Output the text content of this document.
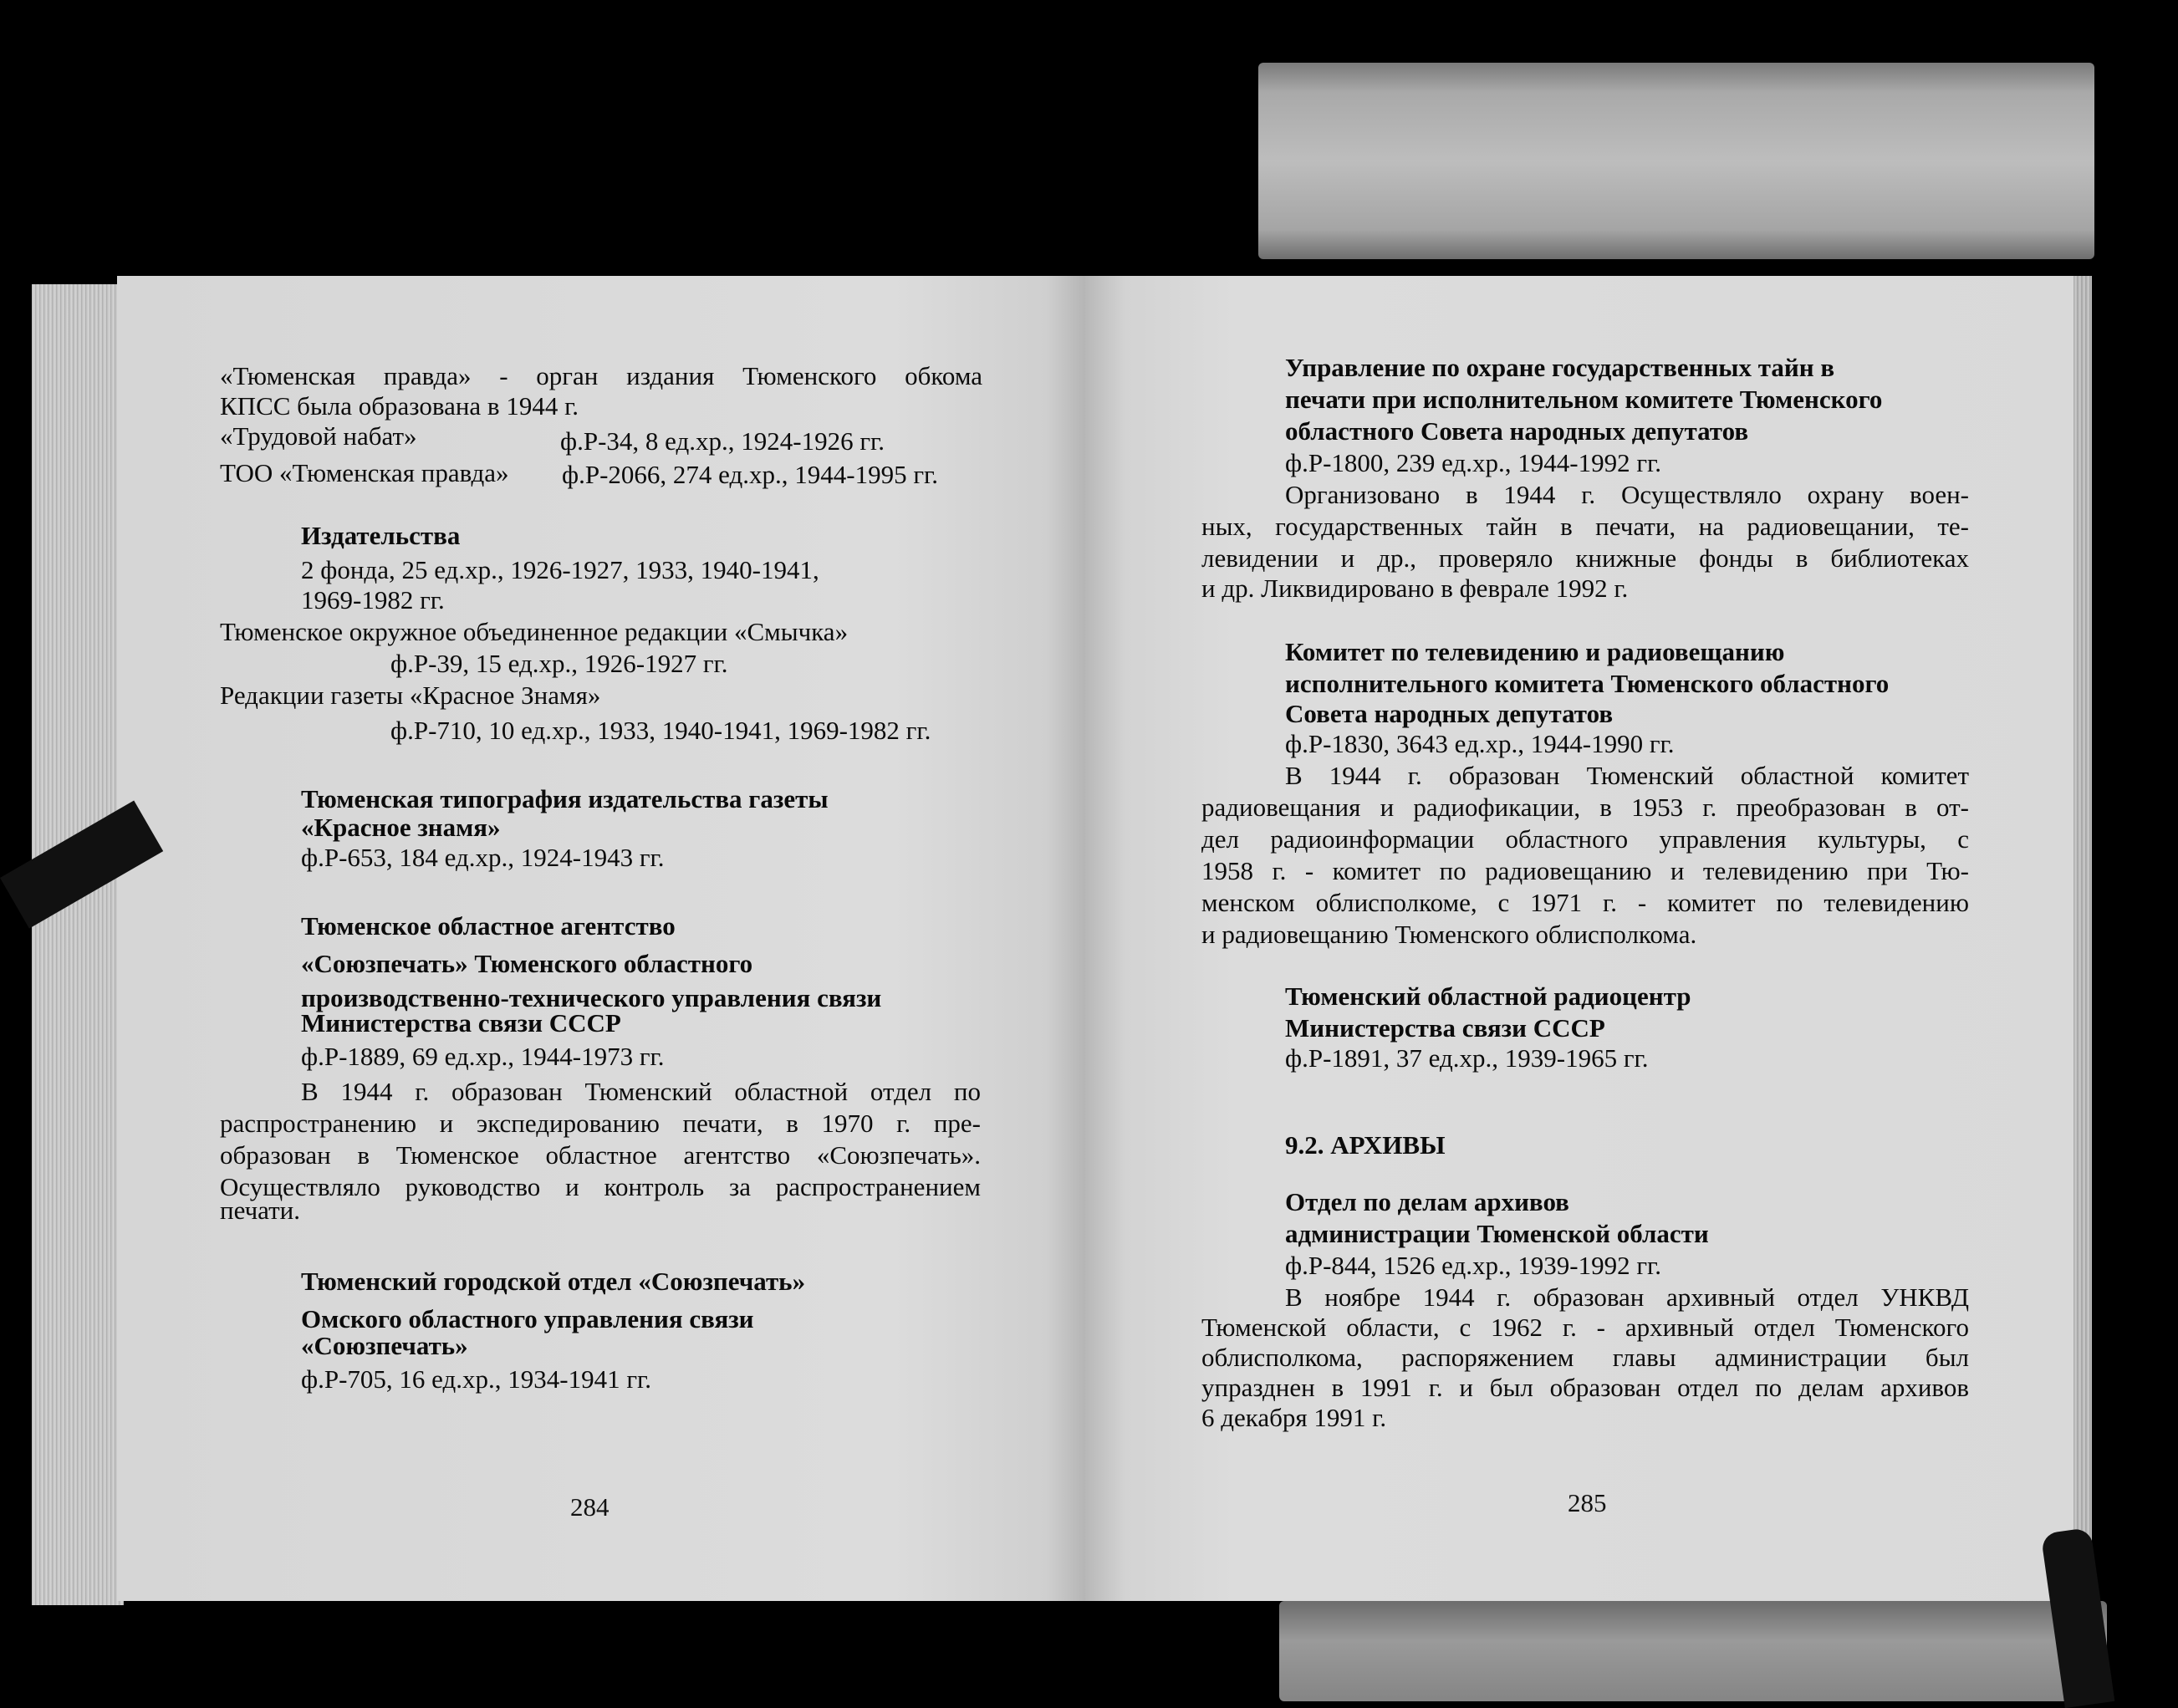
«Тюменская правда» - орган издания Тюменского обкома
КПСС была образована в 1944 г.
«Трудовой набат»	ф.Р-34, 8 ед.хр., 1924-1926 гг.
ТОО «Тюменская правда» ф.Р-2066, 274 ед.хр., 1944-1995 гг.
Издательства
2 фонда, 25 ед.хр., 1926-1927, 1933, 1940-1941,
1969-1982 гг.
Тюменское окружное объединенное редакции «Смычка»
ф.Р-39, 15 ед.хр., 1926-1927 гг.
Редакции газеты «Красное Знамя»
ф.Р-710, 10 ед.хр., 1933, 1940-1941, 1969-1982 гг.
Тюменская типография издательства газеты
«Красное знамя»
ф.Р-653, 184 ед.хр., 1924-1943 гг.
Тюменское областное агентство
«Союзпечать» Тюменского областного
производственно-технического управления связи
Министерства связи СССР
ф.Р-1889, 69 ед.хр., 1944-1973 гг.
В 1944 г. образован Тюменский областной отдел по
распространению и экспедированию печати, в 1970 г. пре-
образован в Тюменское областное агентство «Союзпечать».
Осуществляло руководство и контроль за распространением
печати.
Тюменский городской отдел «Союзпечать»
Омского областного управления связи
«Союзпечать»
ф.Р-705, 16 ед.хр., 1934-1941 гг.
284
Управление по охране государственных тайн в
печати при исполнительном комитете Тюменского
областного Совета народных депутатов
ф.Р-1800, 239 ед.хр., 1944-1992 гг.
Организовано в 1944 г. Осуществляло охрану воен-
ных, государственных тайн в печати, на радиовещании, те-
левидении и др., проверяло книжные фонды в библиотеках
и др. Ликвидировано в феврале 1992 г.
Комитет по телевидению и радиовещанию
исполнительного комитета Тюменского областного
Совета народных депутатов
ф.Р-1830, 3643 ед.хр., 1944-1990 гг.
В 1944 г. образован Тюменский областной комитет
радиовещания и радиофикации, в 1953 г. преобразован в от-
дел радиоинформации областного управления культуры, с
1958 г. - комитет по радиовещанию и телевидению при Тю-
менском облисполкоме, с 1971 г. - комитет по телевидению
и радиовещанию Тюменского облисполкома.
Тюменский областной радиоцентр
Министерства связи СССР
ф.Р-1891, 37 ед.хр., 1939-1965 гг.
9.2. АРХИВЫ
Отдел по делам архивов
администрации Тюменской области
ф.Р-844, 1526 ед.хр., 1939-1992 гг.
В ноябре 1944 г. образован архивный отдел УНКВД
Тюменской области, с 1962 г. - архивный отдел Тюменского
облисполкома, распоряжением главы администрации был
упразднен в 1991 г. и был образован отдел по делам архивов
6 декабря 1991 г.
285
